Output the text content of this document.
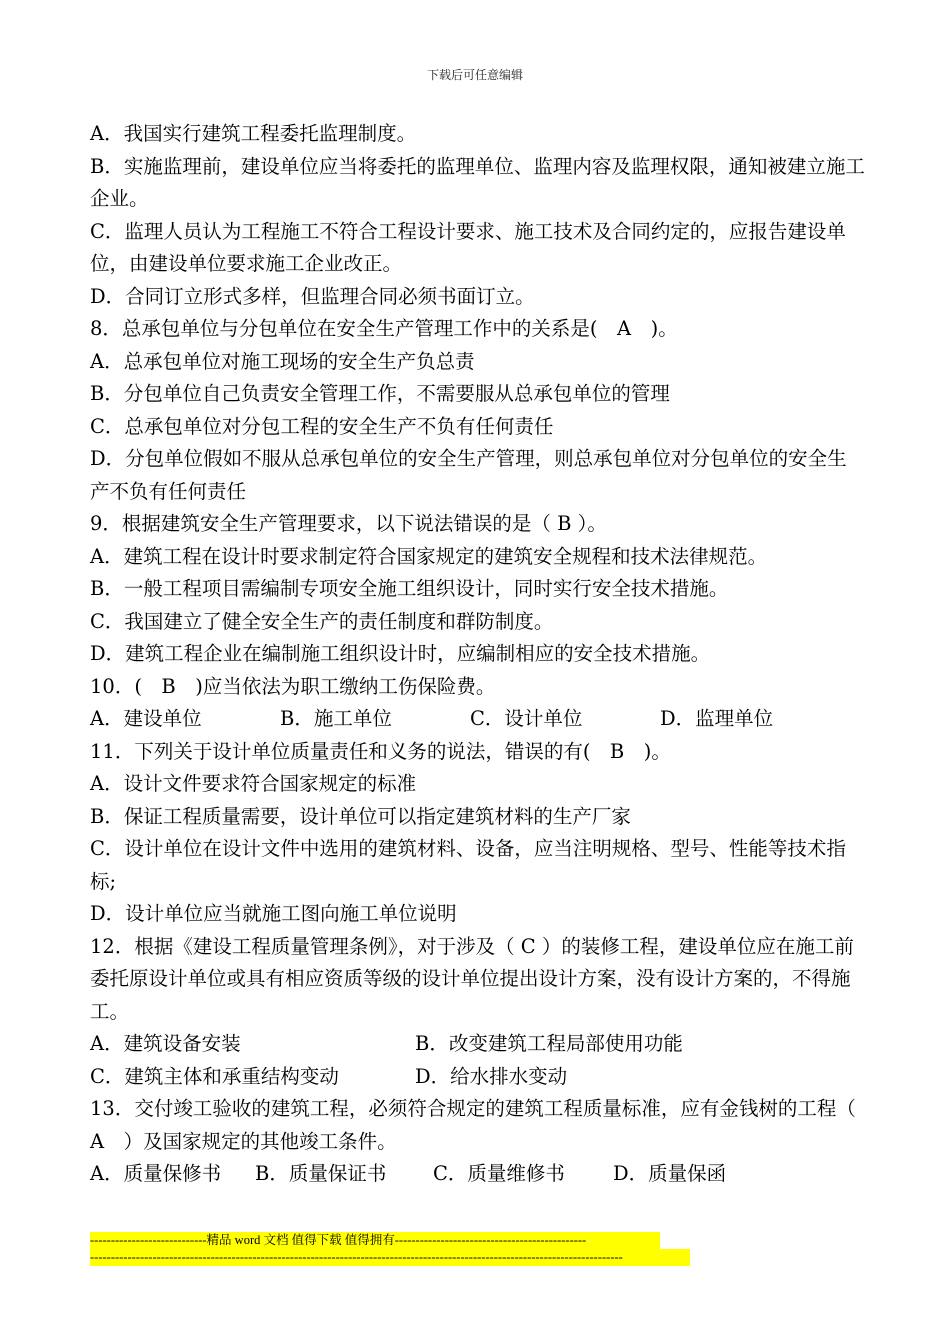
下载后可任意编辑
A．我国实行建筑工程委托监理制度。
B．实施监理前，建设单位应当将委托的监理单位、监理内容及监理权限，通知被建立施工企业。
C．监理人员认为工程施工不符合工程设计要求、施工技术及合同约定的，应报告建设单位，由建设单位要求施工企业改正。
D．合同订立形式多样，但监理合同必须书面订立。
8．总承包单位与分包单位在安全生产管理工作中的关系是(　A　)。
A．总承包单位对施工现场的安全生产负总责
B．分包单位自己负责安全管理工作，不需要服从总承包单位的管理
C．总承包单位对分包工程的安全生产不负有任何责任
D．分包单位假如不服从总承包单位的安全生产管理，则总承包单位对分包单位的安全生产不负有任何责任
9．根据建筑安全生产管理要求，以下说法错误的是（ B ）。
A．建筑工程在设计时要求制定符合国家规定的建筑安全规程和技术法律规范。
B．一般工程项目需编制专项安全施工组织设计，同时实行安全技术措施。
C．我国建立了健全安全生产的责任制度和群防制度。
D．建筑工程企业在编制施工组织设计时，应编制相应的安全技术措施。
10．(　B　)应当依法为职工缴纳工伤保险费。
A．建设单位	B．施工单位	C．设计单位	D．监理单位
11．下列关于设计单位质量责任和义务的说法，错误的有(　B　)。
A．设计文件要求符合国家规定的标准
B．保证工程质量需要，设计单位可以指定建筑材料的生产厂家
C．设计单位在设计文件中选用的建筑材料、设备，应当注明规格、型号、性能等技术指标;
D．设计单位应当就施工图向施工单位说明
12．根据《建设工程质量管理条例》，对于涉及（ C ）的装修工程，建设单位应在施工前委托原设计单位或具有相应资质等级的设计单位提出设计方案，没有设计方案的，不得施工。
A．建筑设备安装	B．改变建筑工程局部使用功能
C．建筑主体和承重结构变动	D．给水排水变动
13．交付竣工验收的建筑工程，必须符合规定的建筑工程质量标准，应有金钱树的工程（　A　）及国家规定的其他竣工条件。
A．质量保修书	B．质量保证书	C．质量维修书	D．质量保函
----------------------------精品 word 文档 值得下载 值得拥有----------------------------------------------
--------------------------------------------------------------------------------------------------------------------------------
